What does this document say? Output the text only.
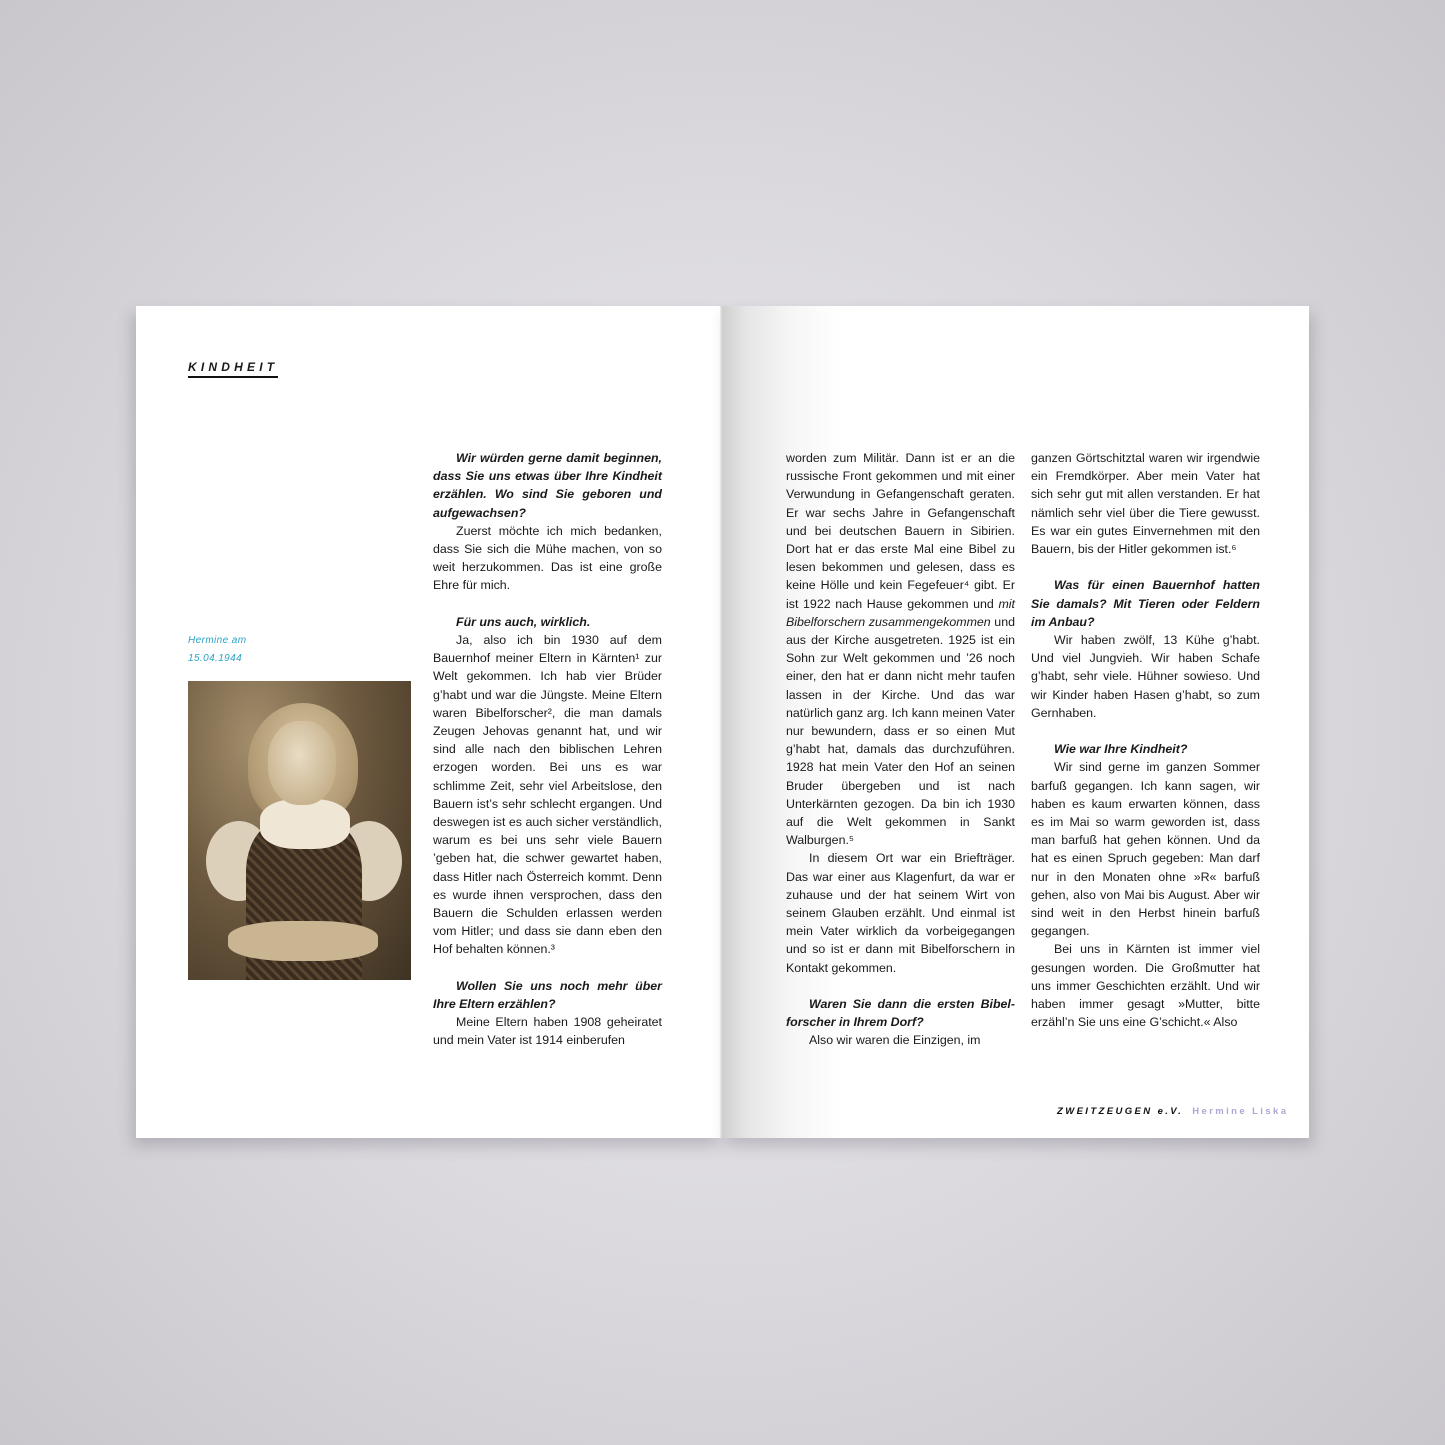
KINDHEIT
Hermine am
15.04.1944

Wir würden gerne damit beginnen, dass Sie uns etwas über Ihre Kindheit erzählen. Wo sind Sie geboren und aufgewachsen?

Zuerst möchte ich mich bedanken, dass Sie sich die Mühe machen, von so weit herzukommen. Das ist eine große Ehre für mich.

Für uns auch, wirklich.

Ja, also ich bin 1930 auf dem Bauernhof meiner Eltern in Kärnten¹ zur Welt gekommen. Ich hab vier Brüder g’habt und war die Jüngste. Meine Eltern waren Bibelforscher², die man damals Zeugen Jehovas genannt hat, und wir sind alle nach den biblischen Lehren erzogen worden. Bei uns es war schlimme Zeit, sehr viel Arbeitslose, den Bauern ist’s sehr schlecht ergangen. Und deswegen ist es auch sicher verständlich, warum es bei uns sehr viele Bauern ’geben hat, die schwer gewartet haben, dass Hitler nach Österreich kommt. Denn es wurde ihnen versprochen, dass den Bauern die Schulden erlassen werden vom Hitler; und dass sie dann eben den Hof behalten können.³

Wollen Sie uns noch mehr über Ihre Eltern erzählen?

Meine Eltern haben 1908 geheiratet und mein Vater ist 1914 einberufen

worden zum Militär. Dann ist er an die russische Front gekommen und mit einer Verwundung in Gefangenschaft geraten. Er war sechs Jahre in Gefangenschaft und bei deutschen Bauern in Sibirien. Dort hat er das erste Mal eine Bibel zu lesen bekommen und gelesen, dass es keine Hölle und kein Fegefeuer⁴ gibt. Er ist 1922 nach Hause gekommen und mit Bibelforschern zusammengekommen und aus der Kirche ausgetreten. 1925 ist ein Sohn zur Welt gekommen und ’26 noch einer, den hat er dann nicht mehr taufen lassen in der Kirche. Und das war natürlich ganz arg. Ich kann meinen Vater nur bewundern, dass er so einen Mut g’habt hat, damals das durchzuführen. 1928 hat mein Vater den Hof an seinen Bruder übergeben und ist nach Unterkärnten gezogen. Da bin ich 1930 auf die Welt gekommen in Sankt Walburgen.⁵

In diesem Ort war ein Briefträger. Das war einer aus Klagenfurt, da war er zuhause und der hat seinem Wirt von seinem Glauben erzählt. Und einmal ist mein Vater wirklich da vorbeigegangen und so ist er dann mit Bibelforschern in Kontakt gekommen.

Waren Sie dann die ersten Bibelforscher in Ihrem Dorf?

Also wir waren die Einzigen, im

ganzen Görtschitztal waren wir irgendwie ein Fremdkörper. Aber mein Vater hat sich sehr gut mit allen verstanden. Er hat nämlich sehr viel über die Tiere gewusst. Es war ein gutes Einvernehmen mit den Bauern, bis der Hitler gekommen ist.⁶

Was für einen Bauernhof hatten Sie damals? Mit Tieren oder Feldern im Anbau?

Wir haben zwölf, 13 Kühe g’habt. Und viel Jungvieh. Wir haben Schafe g’habt, sehr viele. Hühner sowieso. Und wir Kinder haben Hasen g’habt, so zum Gernhaben.

Wie war Ihre Kindheit?

Wir sind gerne im ganzen Sommer barfuß gegangen. Ich kann sagen, wir haben es kaum erwarten können, dass es im Mai so warm geworden ist, dass man barfuß hat gehen können. Und da hat es einen Spruch gegeben: Man darf nur in den Monaten ohne »R« barfuß gehen, also von Mai bis August. Aber wir sind weit in den Herbst hinein barfuß gegangen.

Bei uns in Kärnten ist immer viel gesungen worden. Die Großmutter hat uns immer Geschichten erzählt. Und wir haben immer gesagt »Mutter, bitte erzähl’n Sie uns eine G’schicht.« Also

ZWEITZEUGEN e.V. Hermine Liska
